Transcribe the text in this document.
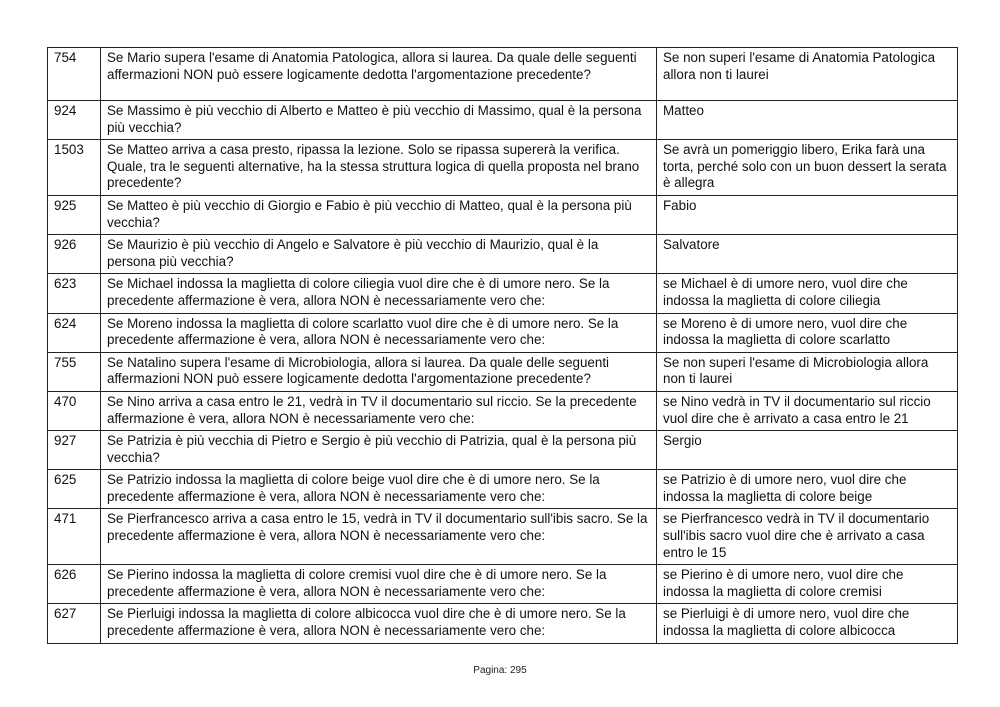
754	Se Mario supera l'esame di Anatomia Patologica, allora si laurea. Da quale delle seguenti affermazioni NON può essere logicamente dedotta l'argomentazione precedente?	Se non superi l'esame di Anatomia Patologica allora non ti laurei
924	Se Massimo è più vecchio di Alberto e Matteo è più vecchio di Massimo, qual è la persona più vecchia?	Matteo
1503	Se Matteo arriva a casa presto, ripassa la lezione. Solo se ripassa supererà la verifica. Quale, tra le seguenti alternative, ha la stessa struttura logica di quella proposta nel brano precedente?	Se avrà un pomeriggio libero, Erika farà una torta, perché solo con un buon dessert la serata è allegra
925	Se Matteo è più vecchio di Giorgio e Fabio è più vecchio di Matteo, qual è la persona più vecchia?	Fabio
926	Se Maurizio è più vecchio di Angelo e Salvatore è più vecchio di Maurizio, qual è la persona più vecchia?	Salvatore
623	Se Michael indossa la maglietta di colore ciliegia vuol dire che è di umore nero. Se la precedente affermazione è vera, allora NON è necessariamente vero che:	se Michael è di umore nero, vuol dire che indossa la maglietta di colore ciliegia
624	Se Moreno indossa la maglietta di colore scarlatto vuol dire che è di umore nero. Se la precedente affermazione è vera, allora NON è necessariamente vero che:	se Moreno è di umore nero, vuol dire che indossa la maglietta di colore scarlatto
755	Se Natalino supera l'esame di Microbiologia, allora si laurea. Da quale delle seguenti affermazioni NON può essere logicamente dedotta l'argomentazione precedente?	Se non superi l'esame di Microbiologia allora non ti laurei
470	Se Nino arriva a casa entro le 21, vedrà in TV il documentario sul riccio. Se la precedente affermazione è vera, allora NON è necessariamente vero che:	se Nino vedrà in TV il documentario sul riccio vuol dire che è arrivato a casa entro le 21
927	Se Patrizia è più vecchia di Pietro e Sergio è più vecchio di Patrizia, qual è la persona più vecchia?	Sergio
625	Se Patrizio indossa la maglietta di colore beige vuol dire che è di umore nero. Se la precedente affermazione è vera, allora NON è necessariamente vero che:	se Patrizio è di umore nero, vuol dire che indossa la maglietta di colore beige
471	Se Pierfrancesco arriva a casa entro le 15, vedrà in TV il documentario sull'ibis sacro. Se la precedente affermazione è vera, allora NON è necessariamente vero che:	se Pierfrancesco vedrà in TV il documentario sull'ibis sacro vuol dire che è arrivato a casa entro le 15
626	Se Pierino indossa la maglietta di colore cremisi vuol dire che è di umore nero. Se la precedente affermazione è vera, allora NON è necessariamente vero che:	se Pierino è di umore nero, vuol dire che indossa la maglietta di colore cremisi
627	Se Pierluigi indossa la maglietta di colore albicocca vuol dire che è di umore nero. Se la precedente affermazione è vera, allora NON è necessariamente vero che:	se Pierluigi è di umore nero, vuol dire che indossa la maglietta di colore albicocca
Pagina: 295
